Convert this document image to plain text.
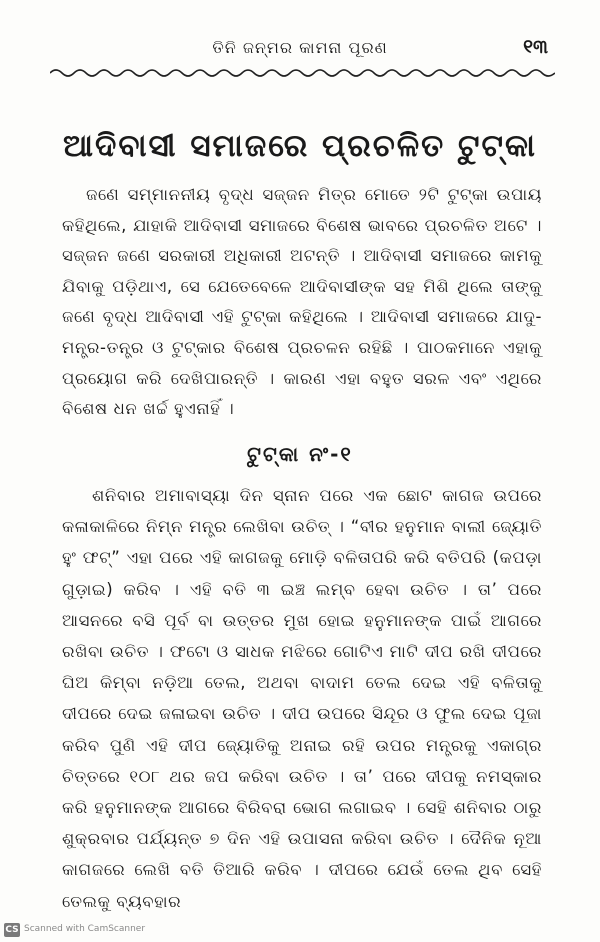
ତିନି ଜନ୍ମର କାମନା ପୂରଣ	୧୩
ଆଦିବାସୀ ସମାଜରେ ପ୍ରଚଳିତ ଟୁଟ୍‌କା

ଜଣେ ସମ୍ମାନନୀୟ ବୃଦ୍ଧ ସଜ୍ଜନ ମିତ୍ର ମୋତେ ୨ଟି ଟୁଟ୍‌କା ଉପାୟ କହିଥିଲେ, ଯାହାକି ଆଦିବାସୀ ସମାଜରେ ବିଶେଷ ଭାବରେ ପ୍ରଚଳିତ ଅଟେ । ସଜ୍ଜନ ଜଣେ ସରକାରୀ ଅଧିକାରୀ ଅଟନ୍ତି । ଆଦିବାସୀ ସମାଜରେ କାମକୁ ଯିବାକୁ ପଡ଼ିଥାଏ, ସେ ଯେତେବେଳେ ଆଦିବାସୀଙ୍କ ସହ ମିଶି ଥିଲେ ତାଙ୍କୁ ଜଣେ ବୃଦ୍ଧ ଆଦିବାସୀ ଏହି ଟୁଟ୍‌କା କହିଥିଲେ । ଆଦିବାସୀ ସମାଜରେ ଯାଦୁ-ମନ୍ତ୍ର-ତନ୍ତ୍ର ଓ ଟୁଟ୍‌କାର ବିଶେଷ ପ୍ରଚଳନ ରହିଛି । ପାଠକମାନେ ଏହାକୁ ପ୍ରୟୋଗ କରି ଦେଖିପାରନ୍ତି । କାରଣ ଏହା ବହୁତ ସରଳ ଏବଂ ଏଥିରେ ବିଶେଷ ଧନ ଖର୍ଚ୍ଚ ହୁଏନାହିଁ ।

ଟୁଟ୍‌କା ନଂ-୧

ଶନିବାର ଅମାବାସ୍ୟା ଦିନ ସ୍ନାନ ପରେ ଏକ ଛୋଟ କାଗଜ ଉପରେ କଳାକାଳିରେ ନିମ୍ନ ମନ୍ତ୍ର ଲେଖିବା ଉଚିତ୍ । “ବୀର ହନୁମାନ ବାଲୀ ଜ୍ୟୋତି ହୁଂ ଫଟ୍” ଏହା ପରେ ଏହି କାଗଜକୁ ମୋଡ଼ି ବଳିତାପରି କରି ବତିପରି (କପଡ଼ା ଗୁଡ଼ାଇ) କରିବ । ଏହି ବତି ୩ ଇଞ୍ଚ ଲମ୍ବ ହେବା ଉଚିତ । ତା’ ପରେ ଆସନରେ ବସି ପୂର୍ବ ବା ଉତ୍ତର ମୁଖ ହୋଇ ହନୁମାନଙ୍କ ପାଇଁ ଆଗରେ ରଖିବା ଉଚିତ । ଫଟୋ ଓ ସାଧକ ମଝିରେ ଗୋଟିଏ ମାଟି ଦୀପ ରଖି ଦୀପରେ ଘିଅ କିମ୍ବା ନଡ଼ିଆ ତେଲ, ଅଥବା ବାଦାମ ତେଲ ଦେଇ ଏହି ବଳିତାକୁ ଦୀପରେ ଦେଇ ଜଳାଇବା ଉଚିତ । ଦୀପ ଉପରେ ସିନ୍ଦୂର ଓ ଫୁଲ ଦେଇ ପୂଜା କରିବ ପୁଣି ଏହି ଦୀପ ଜ୍ୟୋତିକୁ ଅନାଇ ରହି ଉପର ମନ୍ତ୍ରକୁ ଏକାଗ୍ର ଚିତ୍ତରେ ୧୦୮ ଥର ଜପ କରିବା ଉଚିତ । ତା’ ପରେ ଦୀପକୁ ନମସ୍କାର କରି ହନୁମାନଙ୍କ ଆଗରେ ବିରିବରା ଭୋଗ ଲଗାଇବ । ସେହି ଶନିବାର ଠାରୁ ଶୁକ୍ରବାର ପର୍ଯ୍ୟନ୍ତ ୭ ଦିନ ଏହି ଉପାସନା କରିବା ଉଚିତ । ଦୈନିକ ନୂଆ କାଗଜରେ ଲେଖି ବତି ତିଆରି କରିବ । ଦୀପରେ ଯେଉଁ ତେଲ ଥିବ ସେହି ତେଲକୁ ବ୍ୟବହାର

CS Scanned with CamScanner
